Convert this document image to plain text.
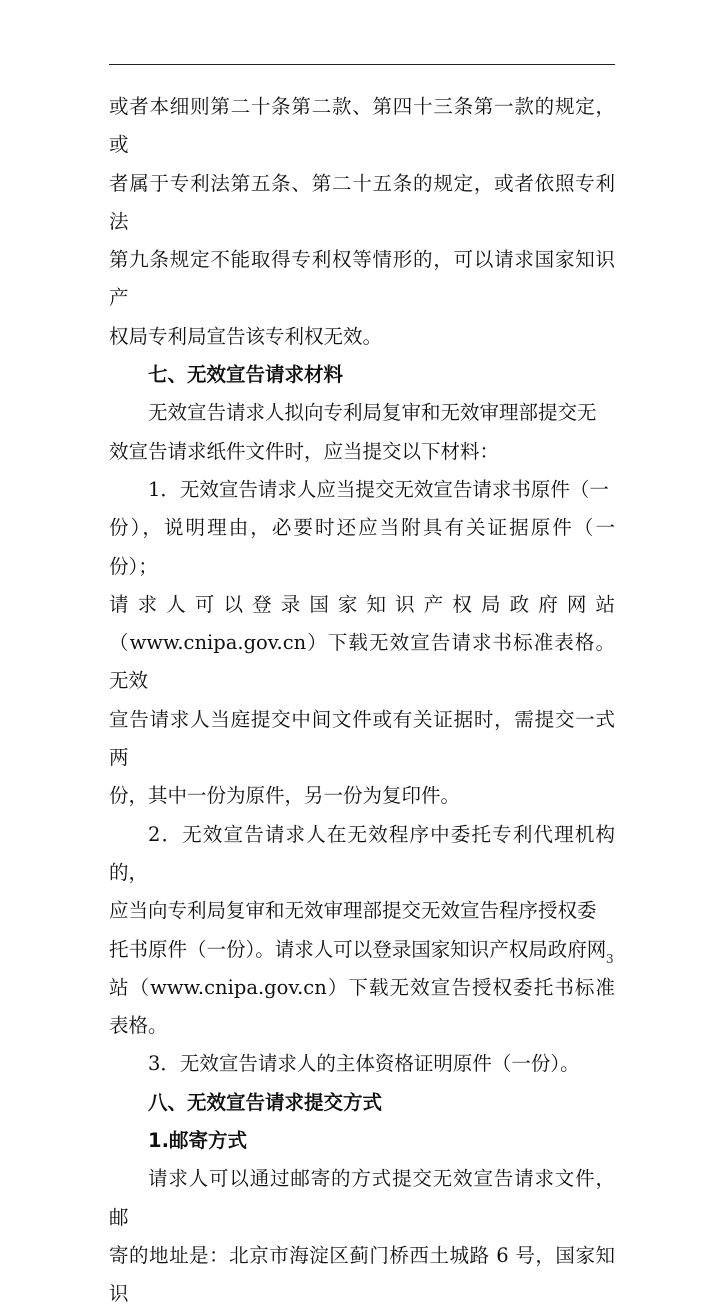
或者本细则第二十条第二款、第四十三条第一款的规定，或

者属于专利法第五条、第二十五条的规定，或者依照专利法

第九条规定不能取得专利权等情形的，可以请求国家知识产

权局专利局宣告该专利权无效。

七、无效宣告请求材料

无效宣告请求人拟向专利局复审和无效审理部提交无

效宣告请求纸件文件时，应当提交以下材料：

1．无效宣告请求人应当提交无效宣告请求书原件（一

份），说明理由，必要时还应当附具有关证据原件（一份）；

请求人可以登录国家知识产权局政府网站

（www.cnipa.gov.cn）下载无效宣告请求书标准表格。无效

宣告请求人当庭提交中间文件或有关证据时，需提交一式两

份，其中一份为原件，另一份为复印件。

2．无效宣告请求人在无效程序中委托专利代理机构的，

应当向专利局复审和无效审理部提交无效宣告程序授权委

托书原件（一份）。请求人可以登录国家知识产权局政府网

站（www.cnipa.gov.cn）下载无效宣告授权委托书标准表格。

3．无效宣告请求人的主体资格证明原件（一份）。

八、无效宣告请求提交方式

1.邮寄方式

请求人可以通过邮寄的方式提交无效宣告请求文件，邮

寄的地址是：北京市海淀区蓟门桥西土城路 6 号，国家知识

3
